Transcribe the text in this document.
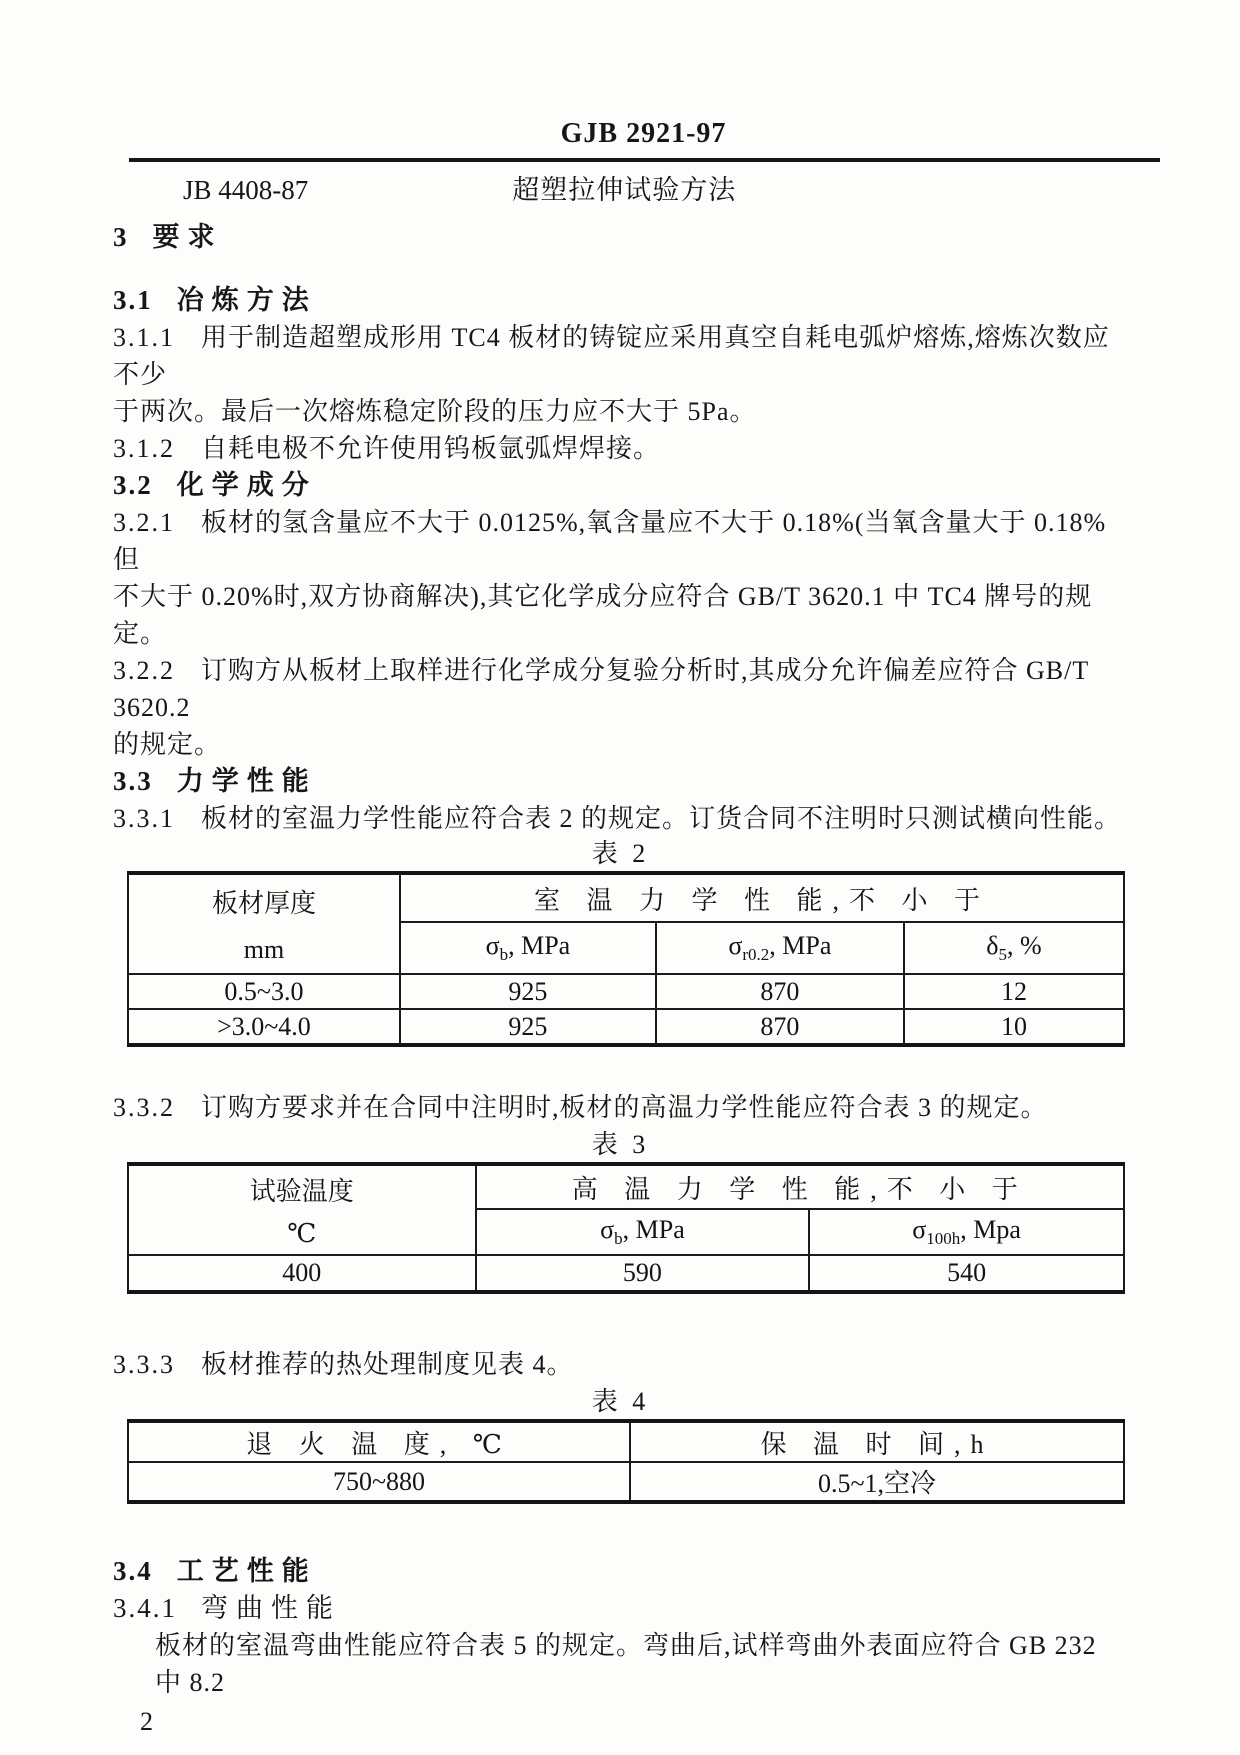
GJB 2921-97
JB 4408-87	超塑拉伸试验方法
3 要求
3.1 冶炼方法
3.1.1 用于制造超塑成形用 TC4 板材的铸锭应采用真空自耗电弧炉熔炼,熔炼次数应不少
于两次。最后一次熔炼稳定阶段的压力应不大于 5Pa。
3.1.2 自耗电极不允许使用钨板氩弧焊焊接。
3.2 化学成分
3.2.1 板材的氢含量应不大于 0.0125%,氧含量应不大于 0.18%(当氧含量大于 0.18%但
不大于 0.20%时,双方协商解决),其它化学成分应符合 GB/T 3620.1 中 TC4 牌号的规定。
3.2.2 订购方从板材上取样进行化学成分复验分析时,其成分允许偏差应符合 GB/T 3620.2
的规定。
3.3 力学性能
3.3.1 板材的室温力学性能应符合表 2 的规定。订货合同不注明时只测试横向性能。
表 2
板材厚度
mm	室 温 力 学 性 能,不 小 于		
	$\sigma_b$, MPa	$\sigma_{r0.2}$, MPa	$\delta_5$, %
0.5~3.0	925	870	12
>3.0~4.0	925	870	10
3.3.2 订购方要求并在合同中注明时,板材的高温力学性能应符合表 3 的规定。
表 3
试验温度
℃	高 温 力 学 性 能,不 小 于	
	$\sigma_b$, MPa	$\sigma_{100h}$, Mpa
400	590	540
3.3.3 板材推荐的热处理制度见表 4。
表 4
退 火 温 度, ℃	保 温 时 间,h
750~880	0.5~1,空冷
3.4 工艺性能
3.4.1 弯曲性能
板材的室温弯曲性能应符合表 5 的规定。弯曲后,试样弯曲外表面应符合 GB 232 中 8.2
2
